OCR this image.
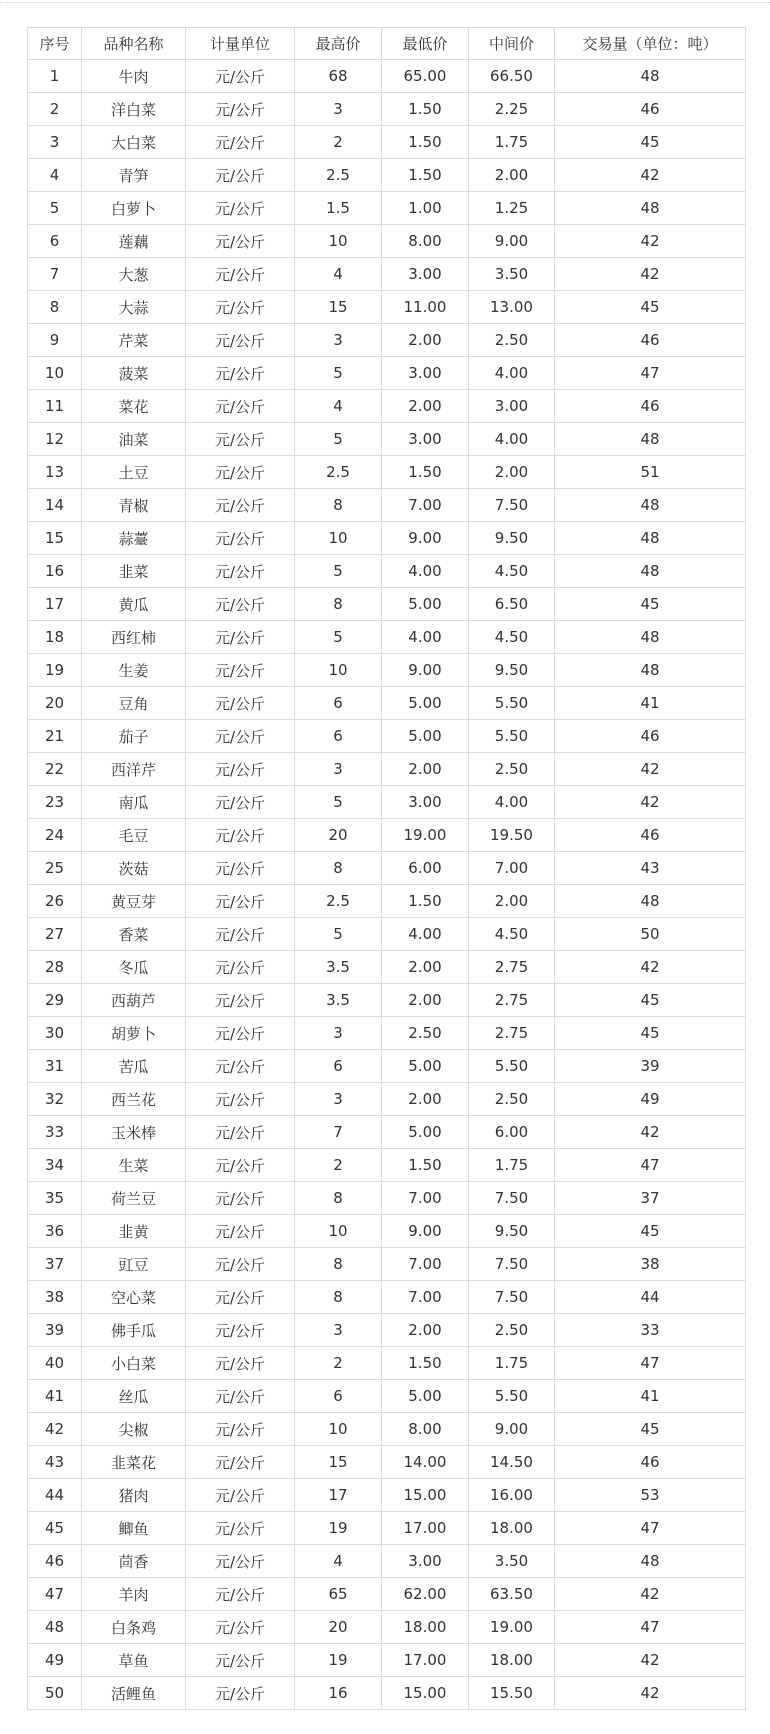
序号	品种名称	计量单位	最高价	最低价	中间价	交易量（单位：吨）
1	牛肉	元/公斤	68	65.00	66.50	48
2	洋白菜	元/公斤	3	1.50	2.25	46
3	大白菜	元/公斤	2	1.50	1.75	45
4	青笋	元/公斤	2.5	1.50	2.00	42
5	白萝卜	元/公斤	1.5	1.00	1.25	48
6	莲藕	元/公斤	10	8.00	9.00	42
7	大葱	元/公斤	4	3.00	3.50	42
8	大蒜	元/公斤	15	11.00	13.00	45
9	芹菜	元/公斤	3	2.00	2.50	46
10	菠菜	元/公斤	5	3.00	4.00	47
11	菜花	元/公斤	4	2.00	3.00	46
12	油菜	元/公斤	5	3.00	4.00	48
13	土豆	元/公斤	2.5	1.50	2.00	51
14	青椒	元/公斤	8	7.00	7.50	48
15	蒜薹	元/公斤	10	9.00	9.50	48
16	韭菜	元/公斤	5	4.00	4.50	48
17	黄瓜	元/公斤	8	5.00	6.50	45
18	西红柿	元/公斤	5	4.00	4.50	48
19	生姜	元/公斤	10	9.00	9.50	48
20	豆角	元/公斤	6	5.00	5.50	41
21	茄子	元/公斤	6	5.00	5.50	46
22	西洋芹	元/公斤	3	2.00	2.50	42
23	南瓜	元/公斤	5	3.00	4.00	42
24	毛豆	元/公斤	20	19.00	19.50	46
25	茨菇	元/公斤	8	6.00	7.00	43
26	黄豆芽	元/公斤	2.5	1.50	2.00	48
27	香菜	元/公斤	5	4.00	4.50	50
28	冬瓜	元/公斤	3.5	2.00	2.75	42
29	西葫芦	元/公斤	3.5	2.00	2.75	45
30	胡萝卜	元/公斤	3	2.50	2.75	45
31	苦瓜	元/公斤	6	5.00	5.50	39
32	西兰花	元/公斤	3	2.00	2.50	49
33	玉米棒	元/公斤	7	5.00	6.00	42
34	生菜	元/公斤	2	1.50	1.75	47
35	荷兰豆	元/公斤	8	7.00	7.50	37
36	韭黄	元/公斤	10	9.00	9.50	45
37	豇豆	元/公斤	8	7.00	7.50	38
38	空心菜	元/公斤	8	7.00	7.50	44
39	佛手瓜	元/公斤	3	2.00	2.50	33
40	小白菜	元/公斤	2	1.50	1.75	47
41	丝瓜	元/公斤	6	5.00	5.50	41
42	尖椒	元/公斤	10	8.00	9.00	45
43	韭菜花	元/公斤	15	14.00	14.50	46
44	猪肉	元/公斤	17	15.00	16.00	53
45	鲫鱼	元/公斤	19	17.00	18.00	47
46	茴香	元/公斤	4	3.00	3.50	48
47	羊肉	元/公斤	65	62.00	63.50	42
48	白条鸡	元/公斤	20	18.00	19.00	47
49	草鱼	元/公斤	19	17.00	18.00	42
50	活鲤鱼	元/公斤	16	15.00	15.50	42
